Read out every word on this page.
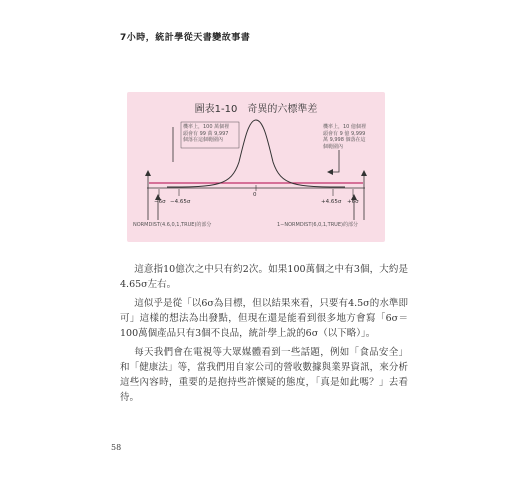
7小時，統計學從天書變故事書
圖表1-10　奇異的六標準差
機率上，100 萬個裡
頭會有 99 萬 9,997
個落在這個範圍內
機率上，10 億個裡
頭會有 9 億 9,999
萬 9,998 個落在這
個範圍內
0
−6σ −4.65σ	+4.65σ +6σ
NORMDIST(4.6,0,1,TRUE)的部分	1−NORMDIST(6,0,1,TRUE)的部分

這意指10億次之中只有約2次。如果100萬個之中有3個，大約是4.65σ左右。

這似乎是從「以6σ為目標，但以結果來看，只要有4.5σ的水準即可」這樣的想法為出發點，但現在還是能看到很多地方會寫「6σ＝100萬個產品只有3個不良品，統計學上說的6σ（以下略）」。

每天我們會在電視等大眾媒體看到一些話題，例如「食品安全」和「健康法」等，當我們用自家公司的營收數據與業界資訊，來分析這些內容時，重要的是抱持些許懷疑的態度，「真是如此嗎？」去看待。

58
